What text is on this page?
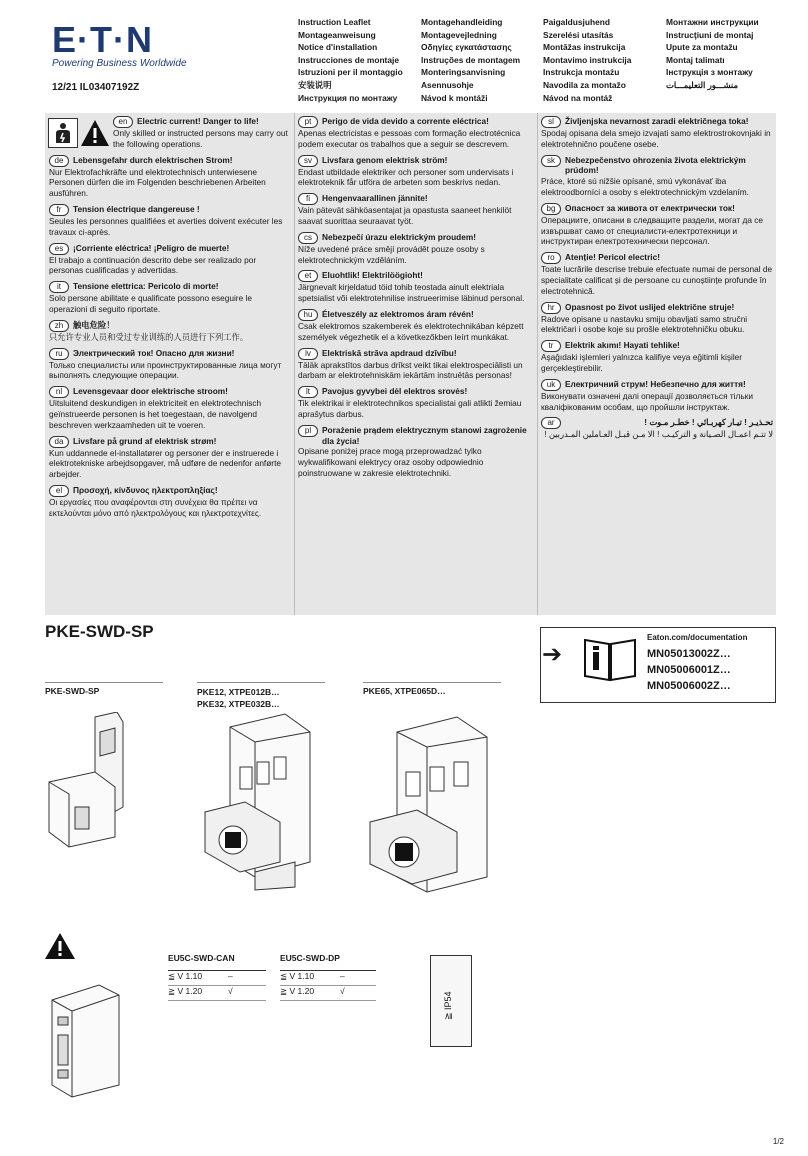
E·T·N
Powering Business Worldwide
12/21 IL03407192Z
Instruction Leaflet
Montageanweisung
Notice d'installation
Instrucciones de montaje
Istruzioni per il montaggio
安装说明
Инструкция по монтажу
Montagehandleiding
Montagevejledning
Οδηγίες εγκατάστασης
Instruções de montagem
Monteringsanvisning
Asennusohje
Návod k montáži
Paigaldusjuhend
Szerelési utasítás
Montāžas instrukcija
Montavimo instrukcija
Instrukcja montażu
Navodila za montažo
Návod na montáž
Монтажни инструкции
Instrucţiuni de montaj
Upute za montažu
Montaj talimatı
Інструкція з монтажу
منشـــور التعليمـــات
en	Electric current! Danger to life!
Only skilled or instructed persons may carry out the following operations.
de	Lebensgefahr durch elektrischen Strom!
Nur Elektrofachkräfte und elektrotechnisch unterwiesene Personen dürfen die im Folgenden beschriebenen Arbeiten ausführen.
fr	Tension électrique dangereuse !
Seules les personnes qualifiées et averties doivent exécuter les travaux ci-après.
es	¡Corriente eléctrica! ¡Peligro de muerte!
El trabajo a continuación descrito debe ser realizado por personas cualificadas y advertidas.
it	Tensione elettrica: Pericolo di morte!
Solo persone abilitate e qualificate possono eseguire le operazioni di seguito riportate.
zh	触电危险！
只允许专业人员和受过专业训练的人员进行下列工作。
ru	Электрический ток! Опасно для жизни!
Только специалисты или проинструктированные лица могут выполнять следующие операции.
nl	Levensgevaar door elektrische stroom!
Uitsluitend deskundigen in elektriciteit en elektrotechnisch geïnstrueerde personen is het toegestaan, de navolgend beschreven werkzaamheden uit te voeren.
da	Livsfare på grund af elektrisk strøm!
Kun uddannede el-installatører og personer der e instruerede i elektrotekniske arbejdsopgaver, må udføre de nedenfor anførte arbejder.
el	Προσοχή, κίνδυνος ηλεκτροπληξίας!
Οι εργασίες που αναφέρονται στη συνέχεια θα πρέπει να εκτελούνται μόνο από ηλεκτρολόγους και ηλεκτροτεχνίτες.
pt	Perigo de vida devido a corrente eléctrica!
Apenas electricistas e pessoas com formação electrotécnica podem executar os trabalhos que a seguir se descrevem.
sv	Livsfara genom elektrisk ström!
Endast utbildade elektriker och personer som undervisats i elektroteknik får utföra de arbeten som beskrivs nedan.
fi	Hengenvaarallinen jännite!
Vain pätevät sähköasentajat ja opastusta saaneet henkilöt saavat suorittaa seuraavat työt.
cs	Nebezpečí úrazu elektrickým proudem!
Níže uvedené práce smějí provádět pouze osoby s elektrotechnickým vzděláním.
et	Eluohtlik! Elektrilöögioht!
Järgnevalt kirjeldatud töid tohib teostada ainult elektriala spetsialist või elektrotehnilise instrueerimise läbinud personal.
hu	Életveszély az elektromos áram révén!
Csak elektromos szakemberek és elektrotechnikában képzett személyek végezhetik el a következőkben leírt munkákat.
lv	Elektriskā strāva apdraud dzīvību!
Tālāk aprakstītos darbus drīkst veikt tikai elektrospeciālisti un darbam ar elektrotehniskām iekārtām instruētās personas!
lt	Pavojus gyvybei dėl elektros srovės!
Tik elektrikai ir elektrotechnikos specialistai gali atlikti žemiau aprašytus darbus.
pl	Porażenie prądem elektrycznym stanowi zagrożenie dla życia!
Opisane poniżej prace mogą przeprowadzać tylko wykwalifikowani elektrycy oraz osoby odpowiednio poinstruowane w zakresie elektrotechniki.
sl	Življenjska nevarnost zaradi električnega toka!
Spodaj opisana dela smejo izvajati samo elektrostrokovnjaki in elektrotehnično poučene osebe.
sk	Nebezpečenstvo ohrozenia života elektrickým prúdom!
Práce, ktoré sú nižšie opísané, smú vykonávať iba elektroodborníci a osoby s elektrotechnickým vzdelaním.
bg	Опасност за живота от електрически ток!
Операциите, описани в следващите раздели, могат да се извършват само от специалисти-електротехници и инструктиран електротехнически персонал.
ro	Atenție! Pericol electric!
Toate lucrările descrise trebuie efectuate numai de personal de specialitate calificat și de persoane cu cunoștiințe profunde în electrotehnică.
hr	Opasnost po život uslijed električne struje!
Radove opisane u nastavku smiju obavljati samo stručni električari i osobe koje su prošle elektrotehničku obuku.
tr	Elektrik akımı! Hayati tehlike!
Aşağıdaki işlemleri yalnızca kalifiye veya eğitimli kişiler gerçekleştirebilir.
uk	Електричний струм! Небезпечно для життя!
Виконувати означені далі операції дозволяється тільки кваліфікованим особам, що пройшли інструктаж.
ar	تحـذيـر ! تيـار كهربـائي ! خطـر مـوت !
لا تتـم اعمـال الصـيانة و التركيـب ! الا مـن قبـل العـاملين المـدربين !
PKE-SWD-SP
➔
Eaton.com/documentation
MN05013002Z…
MN05006001Z…
MN05006002Z…
PKE-SWD-SP	PKE12, XTPE012B…
PKE32, XTPE032B…
PKE65, XTPE065D…
EU5C-SWD-CAN
≦ V 1.10	–
≧ V 1.20	√
EU5C-SWD-DP
≦ V 1.10	–
≧ V 1.20	√
≧ IP54
1/2
